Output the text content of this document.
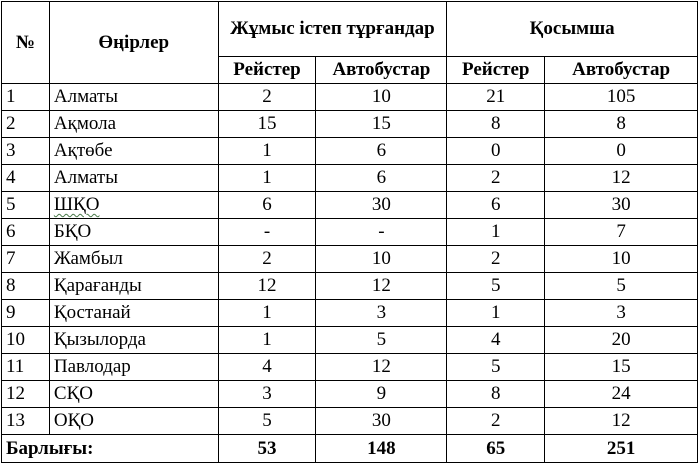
№	Өңірлер	Жұмыс істеп тұрғандар		Қосымша	
		Рейстер	Автобустар	Рейстер	Автобустар
1	Алматы	2	10	21	105
2	Ақмола	15	15	8	8
3	Ақтөбе	1	6	0	0
4	Алматы	1	6	2	12
5	ШҚО	6	30	6	30
6	БҚО	-	-	1	7
7	Жамбыл	2	10	2	10
8	Қарағанды	12	12	5	5
9	Қостанай	1	3	1	3
10	Қызылорда	1	5	4	20
11	Павлодар	4	12	5	15
12	СҚО	3	9	8	24
13	ОҚО	5	30	2	12
Барлығы:		53	148	65	251
